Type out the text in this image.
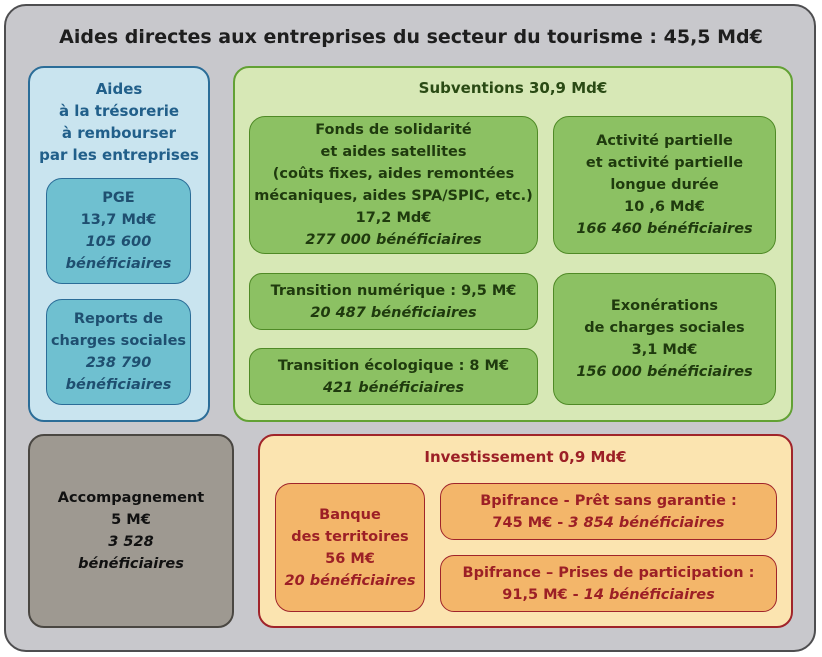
Aides directes aux entreprises du secteur du tourisme : 45,5 Md€
Aides
à la trésorerie
à rembourser
par les entreprises
PGE
13,7 Md€
105 600
bénéficiaires
Reports de
charges sociales
238 790
bénéficiaires
Subventions 30,9 Md€
Fonds de solidarité
et aides satellites
(coûts fixes, aides remontées
mécaniques, aides SPA/SPIC, etc.)
17,2 Md€
277 000 bénéficiaires
Activité partielle
et activité partielle
longue durée
10 ,6 Md€
166 460 bénéficiaires
Transition numérique : 9,5 M€
20 487 bénéficiaires
Transition écologique : 8 M€
421 bénéficiaires
Exonérations
de charges sociales
3,1 Md€
156 000 bénéficiaires
Accompagnement
5 M€
3 528
bénéficiaires
Investissement 0,9 Md€
Banque
des territoires
56 M€
20 bénéficiaires
Bpifrance - Prêt sans garantie :
745 M€ - 3 854 bénéficiaires
Bpifrance – Prises de participation :
91,5 M€ - 14 bénéficiaires
